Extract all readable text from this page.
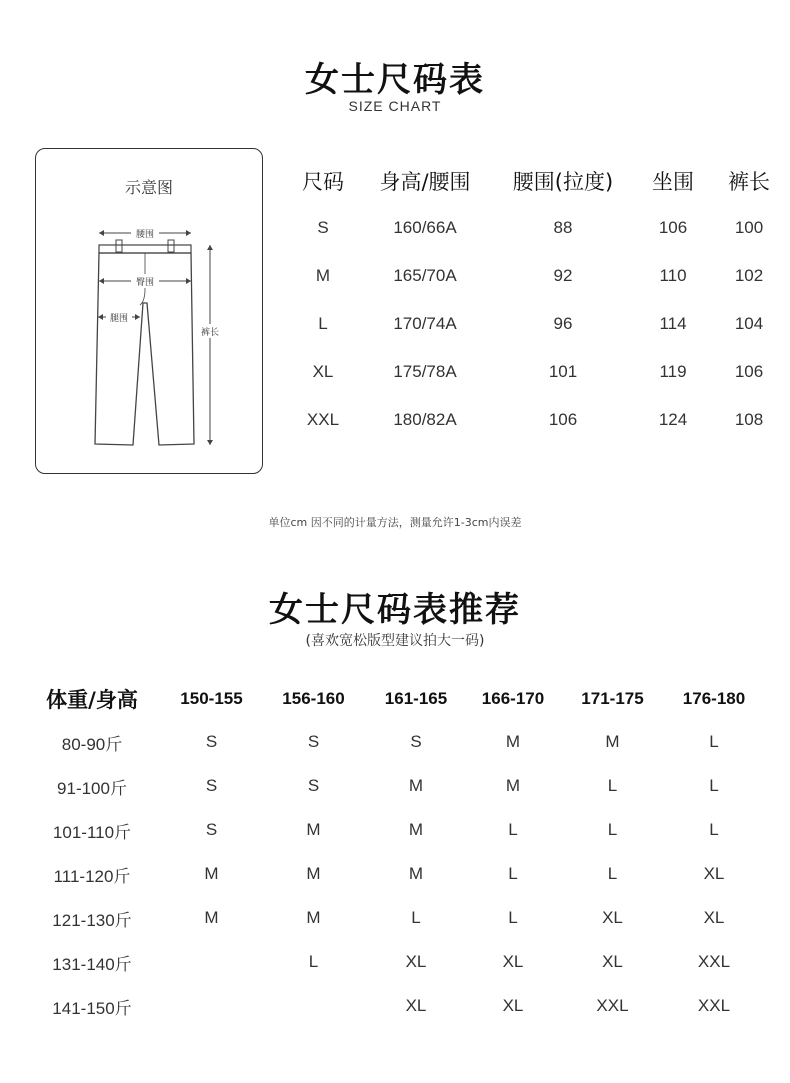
女士尺码表
SIZE CHART
示意图
腰围
臀围
腿围
裤长
尺码	身高/腰围	腰围(拉度)	坐围	裤长
S	160/66A	88	106	100
M	165/70A	92	110	102
L	170/74A	96	114	104
XL	175/78A	101	119	106
XXL	180/82A	106	124	108
单位cm 因不同的计量方法，测量允许1-3cm内误差
女士尺码表推荐
(喜欢宽松版型建议拍大一码)
体重/身高	150-155	156-160	161-165	166-170	171-175	176-180
80-90斤	S	S	S	M	M	L
91-100斤	S	S	M	M	L	L
101-110斤	S	M	M	L	L	L
111-120斤	M	M	M	L	L	XL
121-130斤	M	M	L	L	XL	XL
131-140斤		L	XL	XL	XL	XXL
141-150斤			XL	XL	XXL	XXL
